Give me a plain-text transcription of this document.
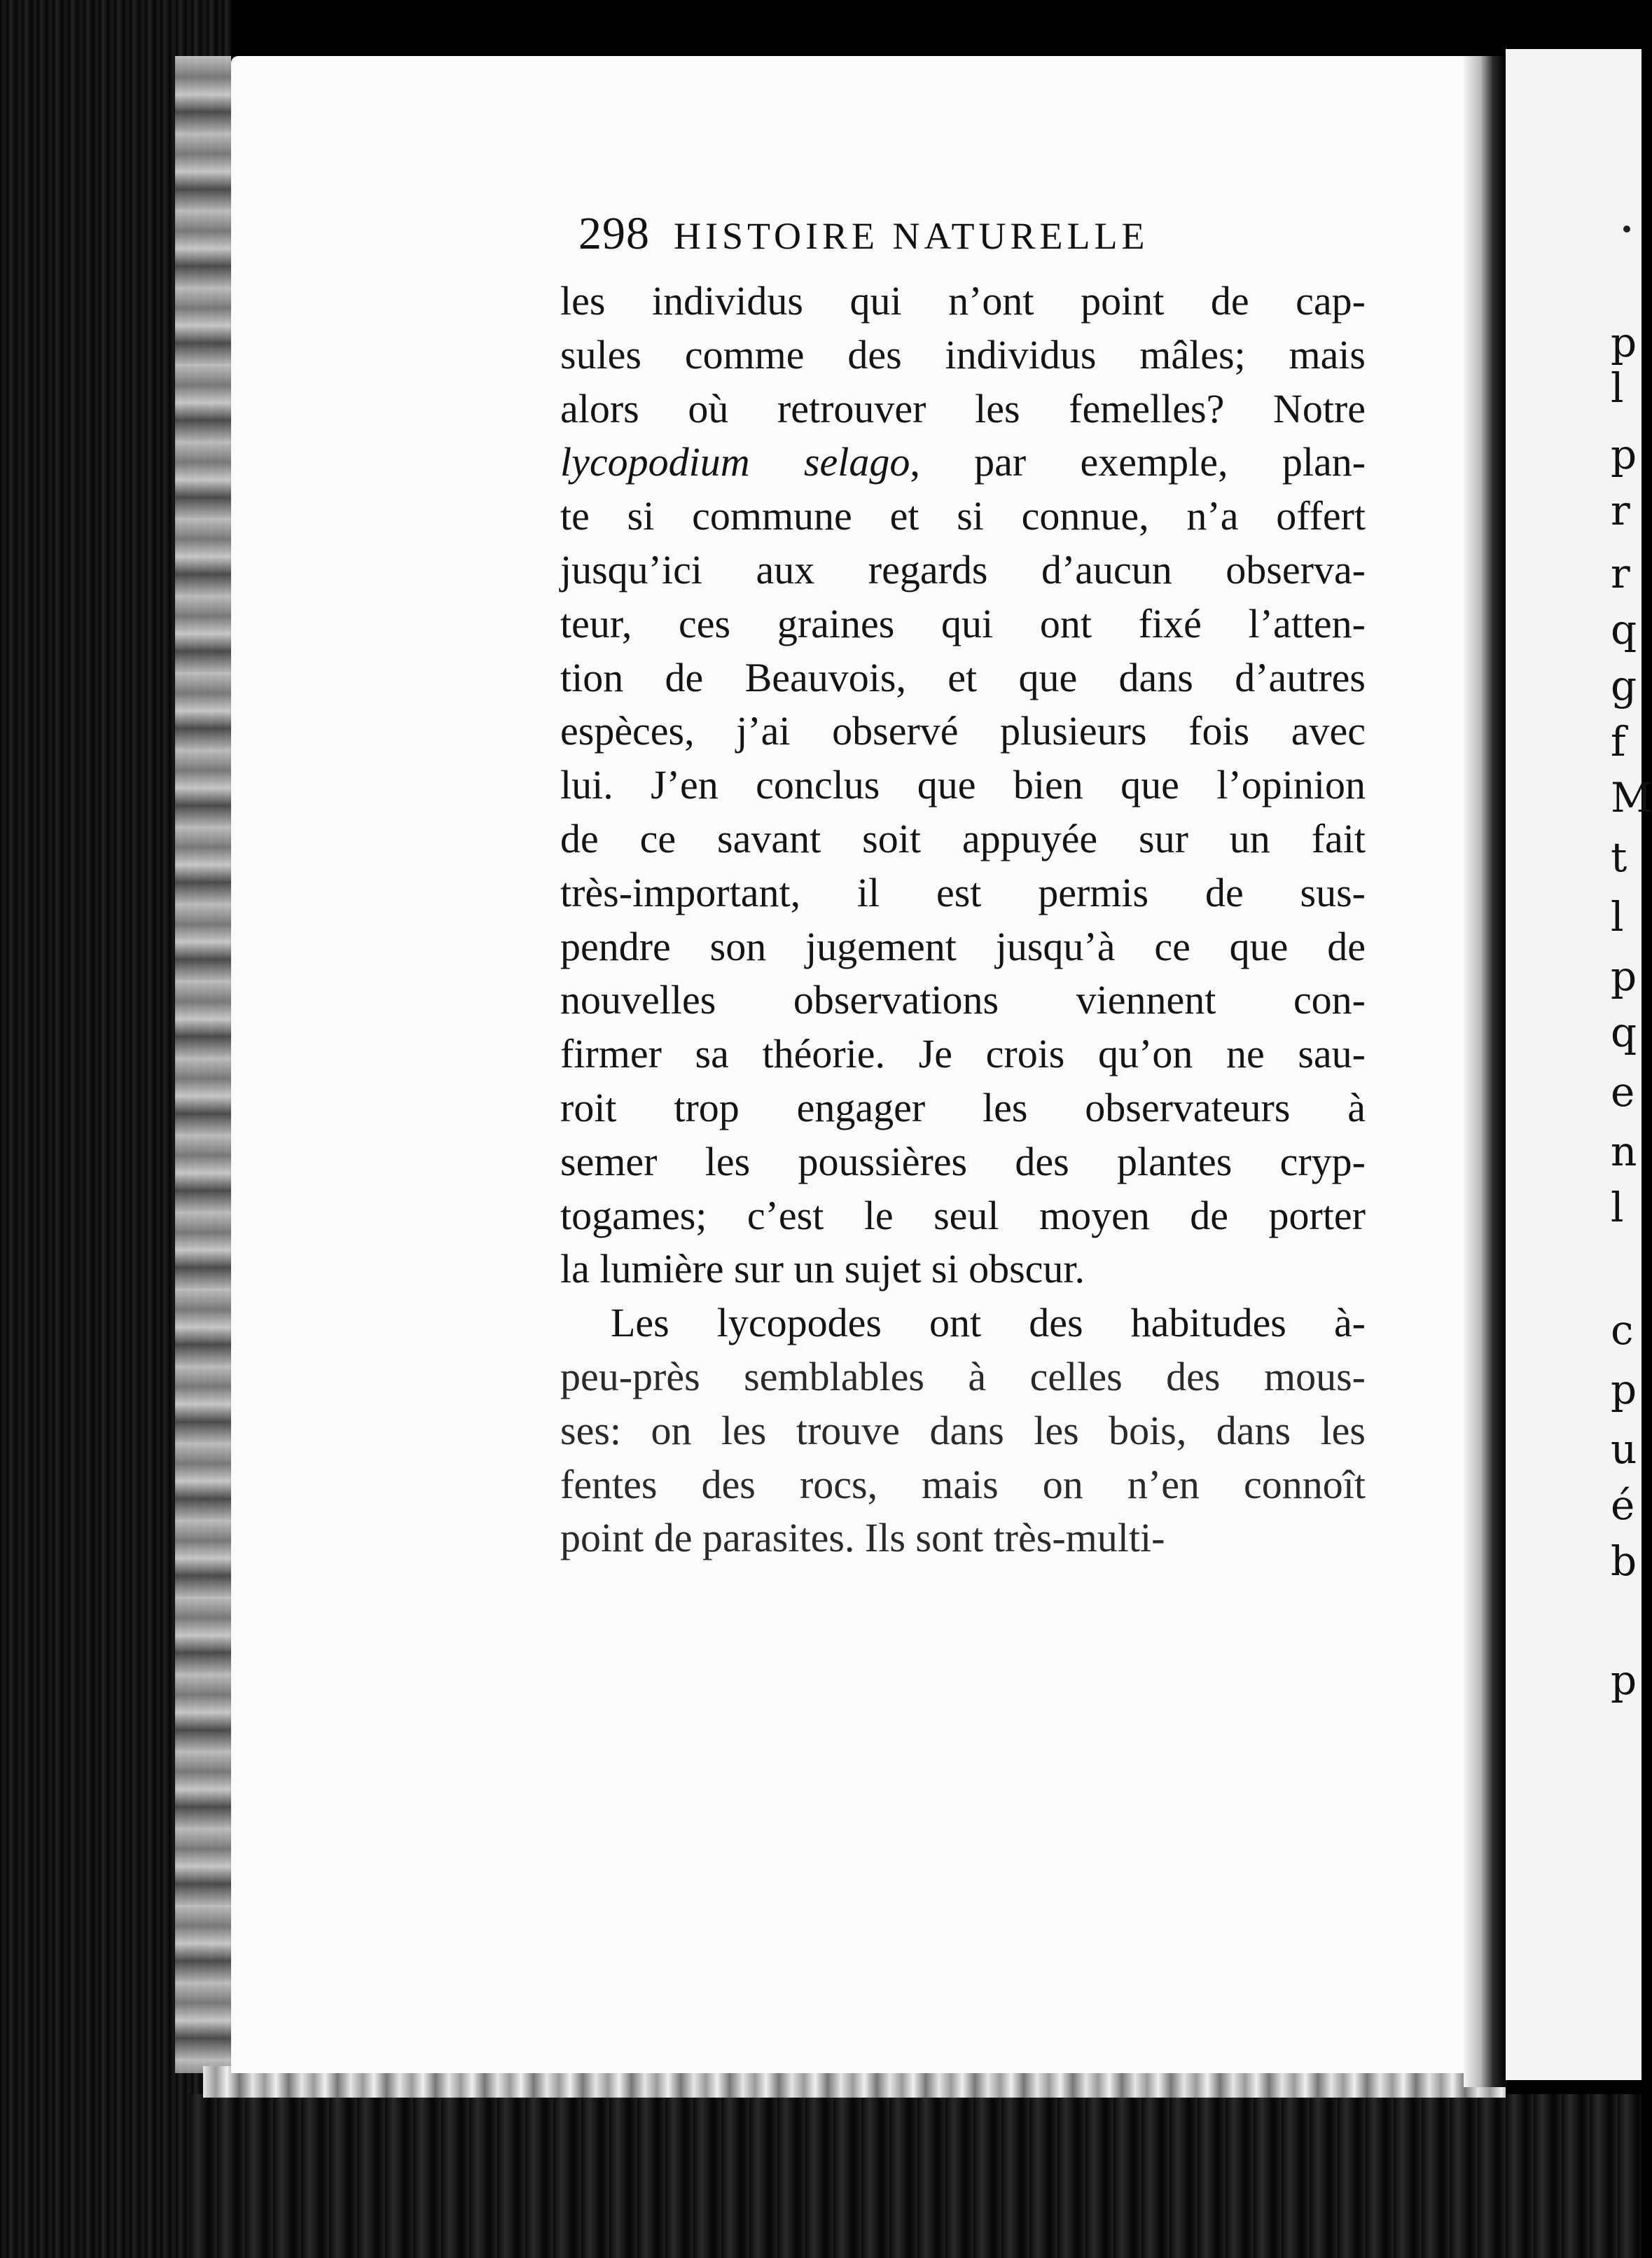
298 HISTOIRE NATURELLE
les individus qui n’ont point de cap-
sules comme des individus mâles; mais
alors où retrouver les femelles? Notre
lycopodium selago, par exemple, plan-
te si commune et si connue, n’a offert
jusqu’ici aux regards d’aucun observa-
teur, ces graines qui ont fixé l’atten-
tion de Beauvois, et que dans d’autres
espèces, j’ai observé plusieurs fois avec
lui. J’en conclus que bien que l’opinion
de ce savant soit appuyée sur un fait
très-important, il est permis de sus-
pendre son jugement jusqu’à ce que de
nouvelles observations viennent con-
firmer sa théorie. Je crois qu’on ne sau-
roit trop engager les observateurs à
semer les poussières des plantes cryp-
togames; c’est le seul moyen de porter
la lumière sur un sujet si obscur.
Les lycopodes ont des habitudes à-
peu-près semblables à celles des mous-
ses: on les trouve dans les bois, dans les
fentes des rocs, mais on n’en connoît
point de parasites. Ils sont très-multi-
p
l
p
r
r
q
g
f
M
t
l
p
q
e
n
l
c
p
u
é
b
p
